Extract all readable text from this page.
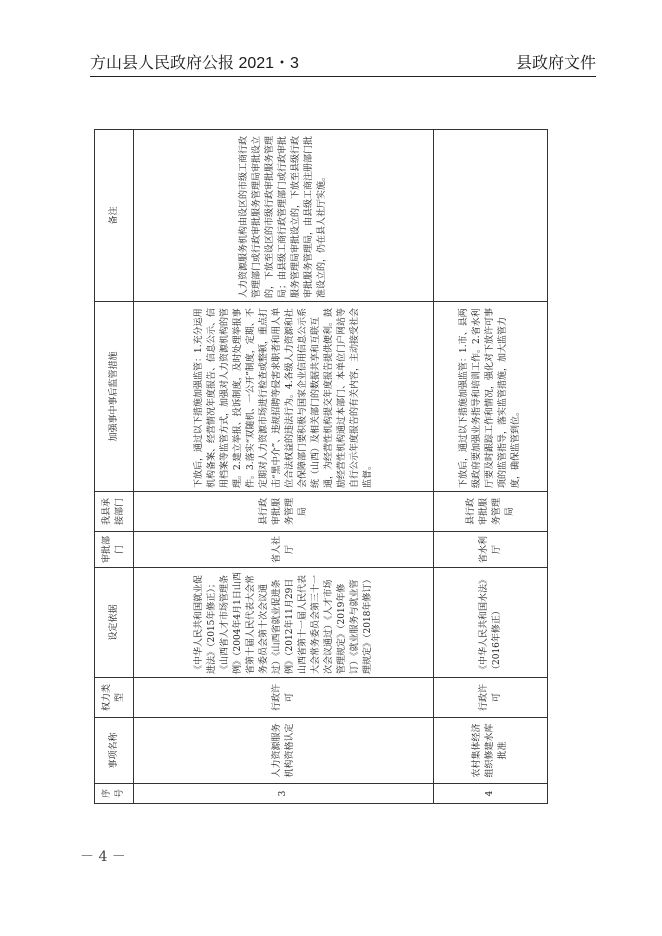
方山县人民政府公报 2021・3	县政府文件
序号	事项名称	权力类型	设定依据	审批部门	我县承接部门	加强事中事后监管措施	备注
3	人力资源服务机构资格认定	行政许可	《中华人民共和国就业促进法》（2015年修正）；《山西省人才市场管理条例》（2004年4月1日山西省第十届人民代表大会常务委员会第十次会议通过）《山西省就业促进条例》（2012年11月29日山西省第十一届人民代表大会常务委员会第三十一次会议通过）《人才市场管理规定》（2019年修订）《就业服务与就业管理规定》（2018年修订）	省人社厅	县行政审批服务管理局	下放后，通过以下措施加强监管：1.充分运用机构备案、经营情况年度报告、信息公示、信用档案等监管方式，加强对人力资源机构的管理。2.建立举报、投诉制度，及时处理举报事件。3.落实“双随机、一公开”制度，定期、不定期对人力资源市场进行检查或整顿，重点打击“黑中介”、违规招聘等侵害求职者和用人单位合法权益的违法行为。4.各级人力资源和社会保障部门要积极与国家企业信用信息公示系统（山西）及相关部门的数据共享和互联互通，为经营性机构提交年度报告提供便利。鼓励经营性机构通过本部门、本单位门户网站等自行公示年度报告的有关内容，主动接受社会监督。	人力资源服务机构由设区的市级工商行政管理部门或行政审批服务管理局审批设立的，下放至设区的市级行政审批服务管理局；由县级工商行政管理部门或行政审批服务管理局审批设立的，下放至县级行政审批服务管理局，由县级工商注册部门批准设立的，仍在县人社厅实施。
4	农村集体经济组织修建水库批准	行政许可	《中华人民共和国水法》（2016年修正）	省水利厅	县行政审批服务管理局	下放后，通过以下措施加强监管：1.市、县两级政府要加强业务指导和培训工作。2.省水利厅要及时跟踪工作和情况，强化对下放许可事项的监管指导，落实监管措施，加大监管力度，确保监管到位。	
－ 4 －
